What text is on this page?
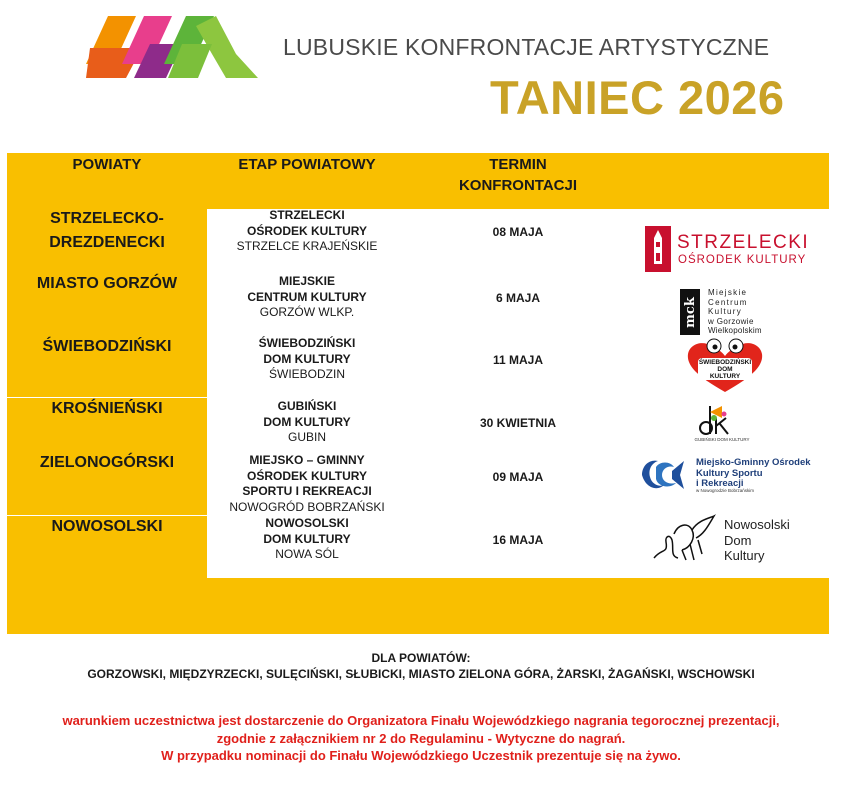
LUBUSKIE KONFRONTACJE ARTYSTYCZNE
TANIEC 2026
POWIATY	ETAP POWIATOWY	TERMIN
KONFRONTACJI
STRZELECKO-
DREZDENECKI
MIASTO GORZÓW
ŚWIEBODZIŃSKI
KROŚNIEŃSKI
ZIELONOGÓRSKI
NOWOSOLSKI
STRZELECKI
OŚRODEK KULTURY
STRZELCE KRAJEŃSKIE
MIEJSKIE
CENTRUM KULTURY
GORZÓW WLKP.
ŚWIEBODZIŃSKI
DOM KULTURY
ŚWIEBODZIN
GUBIŃSKI
DOM KULTURY
GUBIN
MIEJSKO – GMINNY
OŚRODEK KULTURY
SPORTU I REKREACJI
NOWOGRÓD BOBRZAŃSKI
NOWOSOLSKI
DOM KULTURY
NOWA SÓL
08 MAJA
6 MAJA
11 MAJA
30 KWIETNIA
09 MAJA
16 MAJA
STRZELECKI
OŚRODEK KULTURY
mck
Miejskie
Centrum
Kultury
w Gorzowie
Wielkopolskim
ŚWIEBODZIŃSKI
DOM
KULTURY
GUBIŃSKI DOM KULTURY
Miejsko-Gminny Ośrodek
Kultury Sportu
i Rekreacji
w Nowogrodzie Bobrzańskim
Nowosolski
Dom
Kultury
DLA POWIATÓW:
GORZOWSKI, MIĘDZYRZECKI, SULĘCIŃSKI, SŁUBICKI, MIASTO ZIELONA GÓRA, ŻARSKI, ŻAGAŃSKI, WSCHOWSKI
warunkiem uczestnictwa jest dostarczenie do Organizatora Finału Wojewódzkiego nagrania tegorocznej prezentacji,
zgodnie z załącznikiem nr 2 do Regulaminu - Wytyczne do nagrań.
W przypadku nominacji do Finału Wojewódzkiego Uczestnik prezentuje się na żywo.
